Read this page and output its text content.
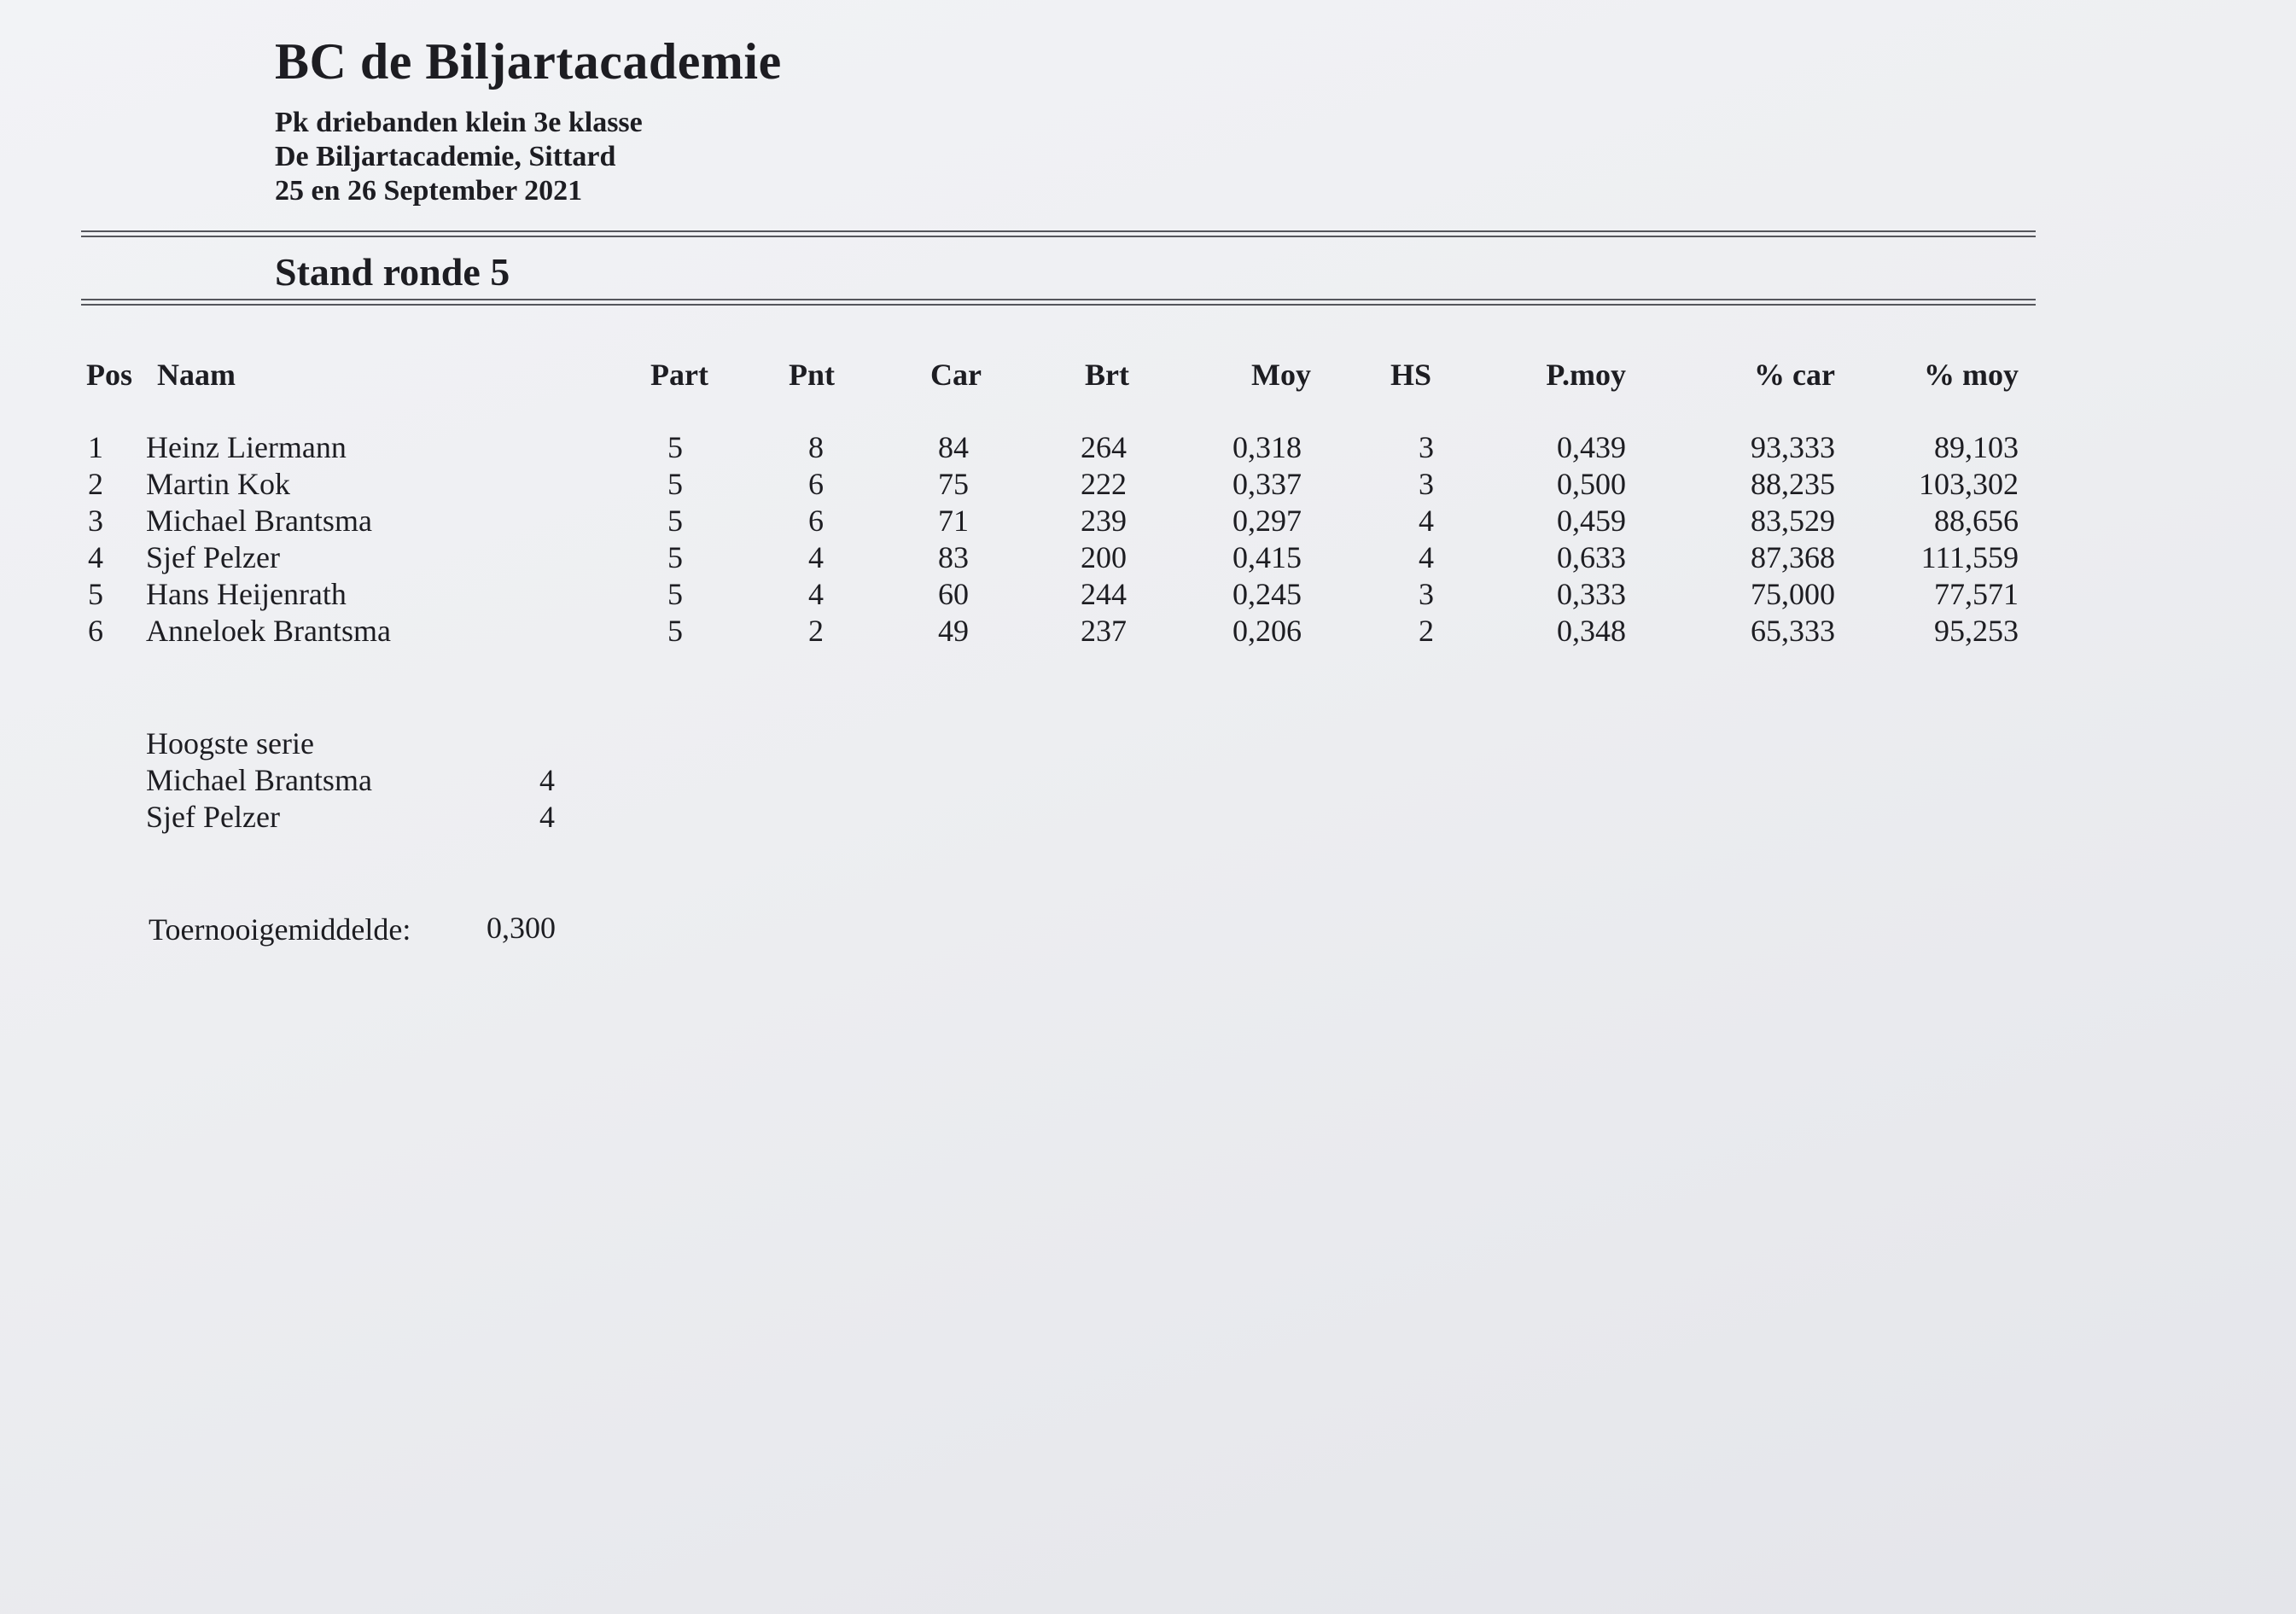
BC de Biljartacademie
Pk driebanden klein 3e klasse
De Biljartacademie, Sittard
25 en 26 September 2021
Stand ronde 5
Pos Naam	Part	Pnt	Car	Brt	Moy	HS	P.moy	% car	% moy
1 Heinz Liermann	5	8	84	264	0,318	3	0,439	93,333	89,103
2 Martin Kok	5	6	75	222	0,337	3	0,500	88,235	103,302
3 Michael Brantsma	5	6	71	239	0,297	4	0,459	83,529	88,656
4 Sjef Pelzer	5	4	83	200	0,415	4	0,633	87,368	111,559
5 Hans Heijenrath	5	4	60	244	0,245	3	0,333	75,000	77,571
6 Anneloek Brantsma	5	2	49	237	0,206	2	0,348	65,333	95,253
Hoogste serie
Michael Brantsma	4
Sjef Pelzer	4
Toernooigemiddelde: 0,300
